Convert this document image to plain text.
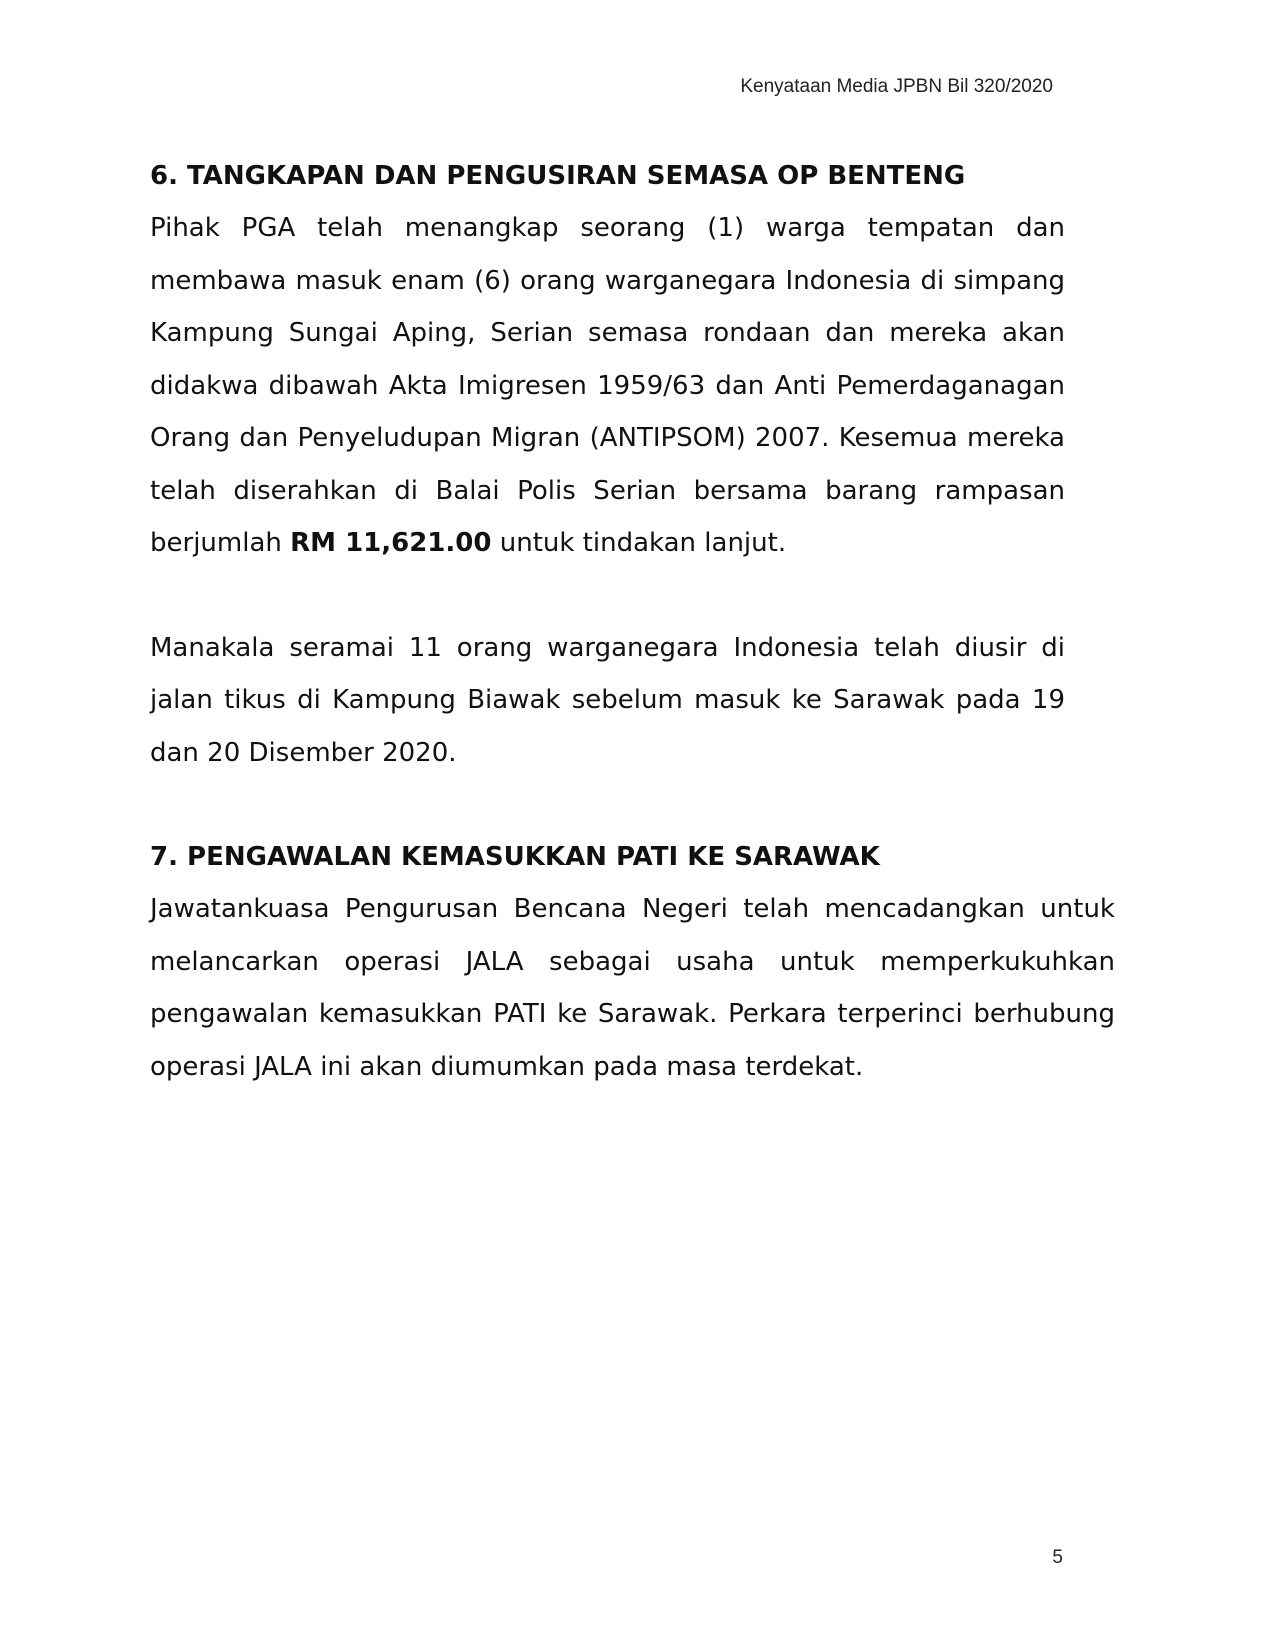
Kenyataan Media JPBN Bil 320/2020
6. TANGKAPAN DAN PENGUSIRAN SEMASA OP BENTENG

Pihak PGA telah menangkap seorang (1) warga tempatan dan membawa masuk enam (6) orang warganegara Indonesia di simpang Kampung Sungai Aping, Serian semasa rondaan dan mereka akan didakwa dibawah Akta Imigresen 1959/63 dan Anti Pemerdaganagan Orang dan Penyeludupan Migran (ANTIPSOM) 2007. Kesemua mereka telah diserahkan di Balai Polis Serian bersama barang rampasan berjumlah RM 11,621.00 untuk tindakan lanjut.

Manakala seramai 11 orang warganegara Indonesia telah diusir di jalan tikus di Kampung Biawak sebelum masuk ke Sarawak pada 19 dan 20 Disember 2020.

7. PENGAWALAN KEMASUKKAN PATI KE SARAWAK

Jawatankuasa Pengurusan Bencana Negeri telah mencadangkan untuk melancarkan operasi JALA sebagai usaha untuk memperkukuhkan pengawalan kemasukkan PATI ke Sarawak. Perkara terperinci berhubung operasi JALA ini akan diumumkan pada masa terdekat.

5
